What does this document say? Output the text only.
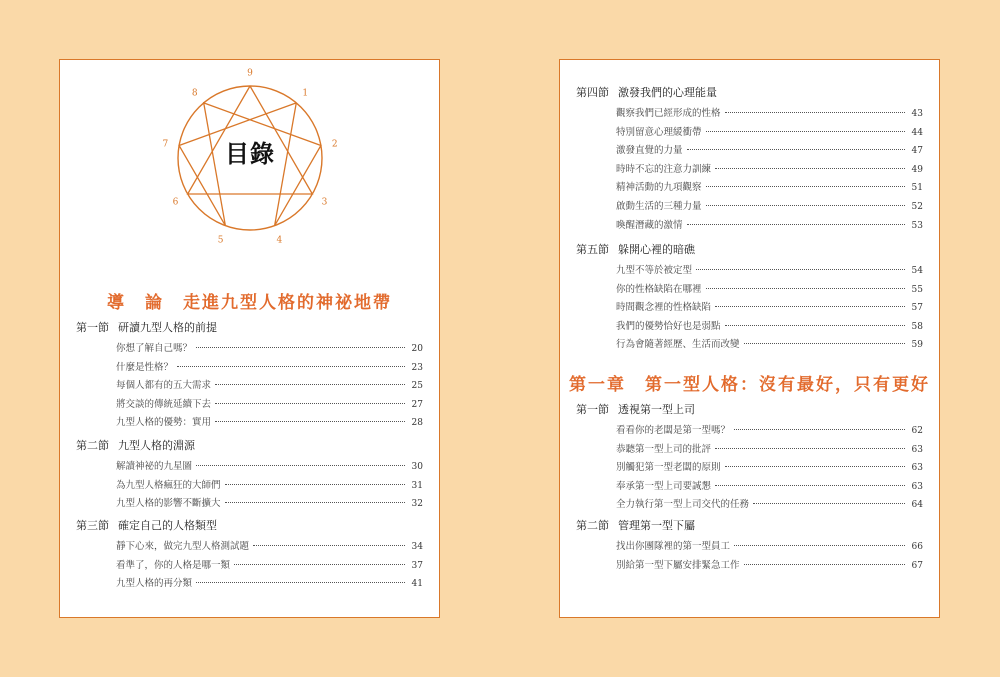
9
1
2
3
4
5
6
7
8
目錄
導　論　走進九型人格的神祕地帶
第一節 研讀九型人格的前提
你想了解自己嗎？	20
什麼是性格？	23
每個人都有的五大需求	25
將交談的傳統延續下去	27
九型人格的優勢：實用	28
第二節 九型人格的淵源
解讀神祕的九星圖	30
為九型人格瘋狂的大師們	31
九型人格的影響不斷擴大	32
第三節 確定自己的人格類型
靜下心來，做完九型人格測試題	34
看準了，你的人格是哪一類	37
九型人格的再分類	41
第四節 激發我們的心理能量
觀察我們已經形成的性格	43
特別留意心理緩衝帶	44
激發直覺的力量	47
時時不忘的注意力訓練	49
精神活動的九項觀察	51
啟動生活的三種力量	52
喚醒潛藏的激情	53
第五節 躲開心裡的暗礁
九型不等於被定型	54
你的性格缺陷在哪裡	55
時間觀念裡的性格缺陷	57
我們的優勢恰好也是弱點	58
行為會隨著經歷、生活而改變	59
第一章　第一型人格：沒有最好，只有更好
第一節 透視第一型上司
看看你的老闆是第一型嗎？	62
恭聽第一型上司的批評	63
別觸犯第一型老闆的原則	63
奉承第一型上司要誠懇	63
全力執行第一型上司交代的任務	64
第二節 管理第一型下屬
找出你團隊裡的第一型員工	66
別給第一型下屬安排緊急工作	67
